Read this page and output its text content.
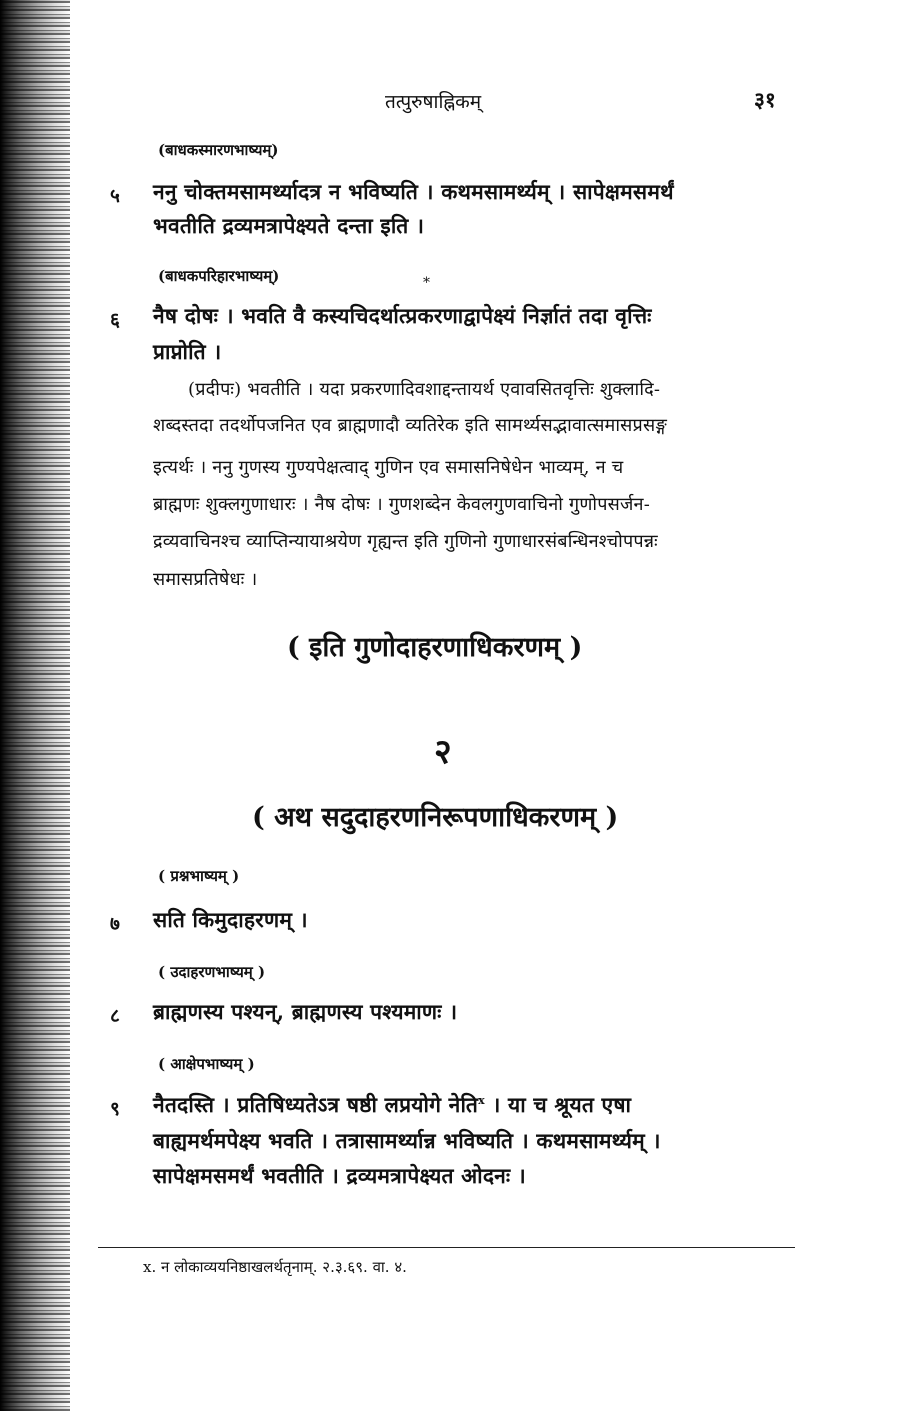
तत्पुरुषाह्निकम्	३१
(बाधकस्मारणभाष्यम्)
५ ननु चोक्तमसामर्थ्यादत्र न भविष्यति । कथमसामर्थ्यम् । सापेक्षमसमर्थं
भवतीति द्रव्यमत्रापेक्ष्यते दन्ता इति ।
*
(बाधकपरिहारभाष्यम्)
६ नैष दोषः । भवति वै कस्यचिदर्थात्प्रकरणाद्वापेक्ष्यं निर्ज्ञातं तदा वृत्तिः
प्राप्नोति ।
(प्रदीपः) भवतीति । यदा प्रकरणादिवशाद्दन्तायर्थ एवावसितवृत्तिः शुक्लादि-
शब्दस्तदा तदर्थोपजनित एव ब्राह्मणादौ व्यतिरेक इति सामर्थ्यसद्भावात्समासप्रसङ्ग
इत्यर्थः । ननु गुणस्य गुण्यपेक्षत्वाद् गुणिन एव समासनिषेधेन भाव्यम्, न च
ब्राह्मणः शुक्लगुणाधारः । नैष दोषः । गुणशब्देन केवलगुणवाचिनो गुणोपसर्जन-
द्रव्यवाचिनश्च व्याप्तिन्यायाश्रयेण गृह्यन्त इति गुणिनो गुणाधारसंबन्धिनश्चोपपन्नः
समासप्रतिषेधः ।
( इति गुणोदाहरणाधिकरणम् )
२
( अथ सदुदाहरणनिरूपणाधिकरणम् )
( प्रश्नभाष्यम् )
७ सति किमुदाहरणम् ।
( उदाहरणभाष्यम् )
८ ब्राह्मणस्य पश्यन्, ब्राह्मणस्य पश्यमाणः ।
( आक्षेपभाष्यम् )
९ नैतदस्ति । प्रतिषिध्यतेऽत्र षष्ठी लप्रयोगे नेति$^x$ । या च श्रूयत एषा
बाह्यमर्थमपेक्ष्य भवति । तत्रासामर्थ्यान्न भविष्यति । कथमसामर्थ्यम् ।
सापेक्षमसमर्थं भवतीति । द्रव्यमत्रापेक्ष्यत ओदनः ।
x. न लोकाव्ययनिष्ठाखलर्थतृनाम्. २.३.६९. वा. ४.
